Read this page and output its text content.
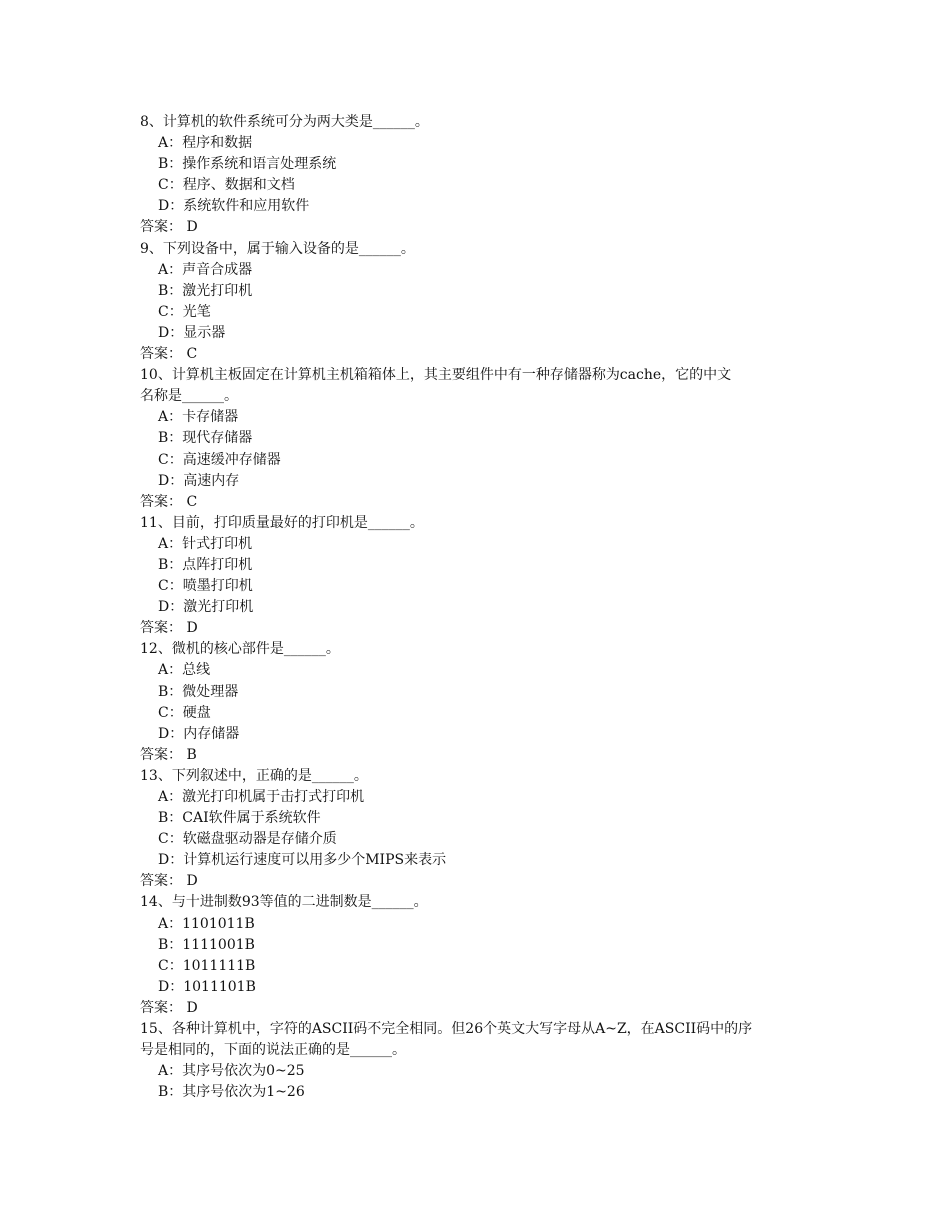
8、计算机的软件系统可分为两大类是______。
A：程序和数据
B：操作系统和语言处理系统
C：程序、数据和文档
D：系统软件和应用软件
答案： D
9、下列设备中，属于输入设备的是______。
A：声音合成器
B：激光打印机
C：光笔
D：显示器
答案： C
10、计算机主板固定在计算机主机箱箱体上，其主要组件中有一种存储器称为cache，它的中文
名称是______。
A：卡存储器
B：现代存储器
C：高速缓冲存储器
D：高速内存
答案： C
11、目前，打印质量最好的打印机是______。
A：针式打印机
B：点阵打印机
C：喷墨打印机
D：激光打印机
答案： D
12、微机的核心部件是______。
A：总线
B：微处理器
C：硬盘
D：内存储器
答案： B
13、下列叙述中，正确的是______。
A：激光打印机属于击打式打印机
B：CAI软件属于系统软件
C：软磁盘驱动器是存储介质
D：计算机运行速度可以用多少个MIPS来表示
答案： D
14、与十进制数93等值的二进制数是______。
A：1101011B
B：1111001B
C：1011111B
D：1011101B
答案： D
15、各种计算机中，字符的ASCII码不完全相同。但26个英文大写字母从A~Z，在ASCII码中的序
号是相同的，下面的说法正确的是______。
A：其序号依次为0~25
B：其序号依次为1~26
